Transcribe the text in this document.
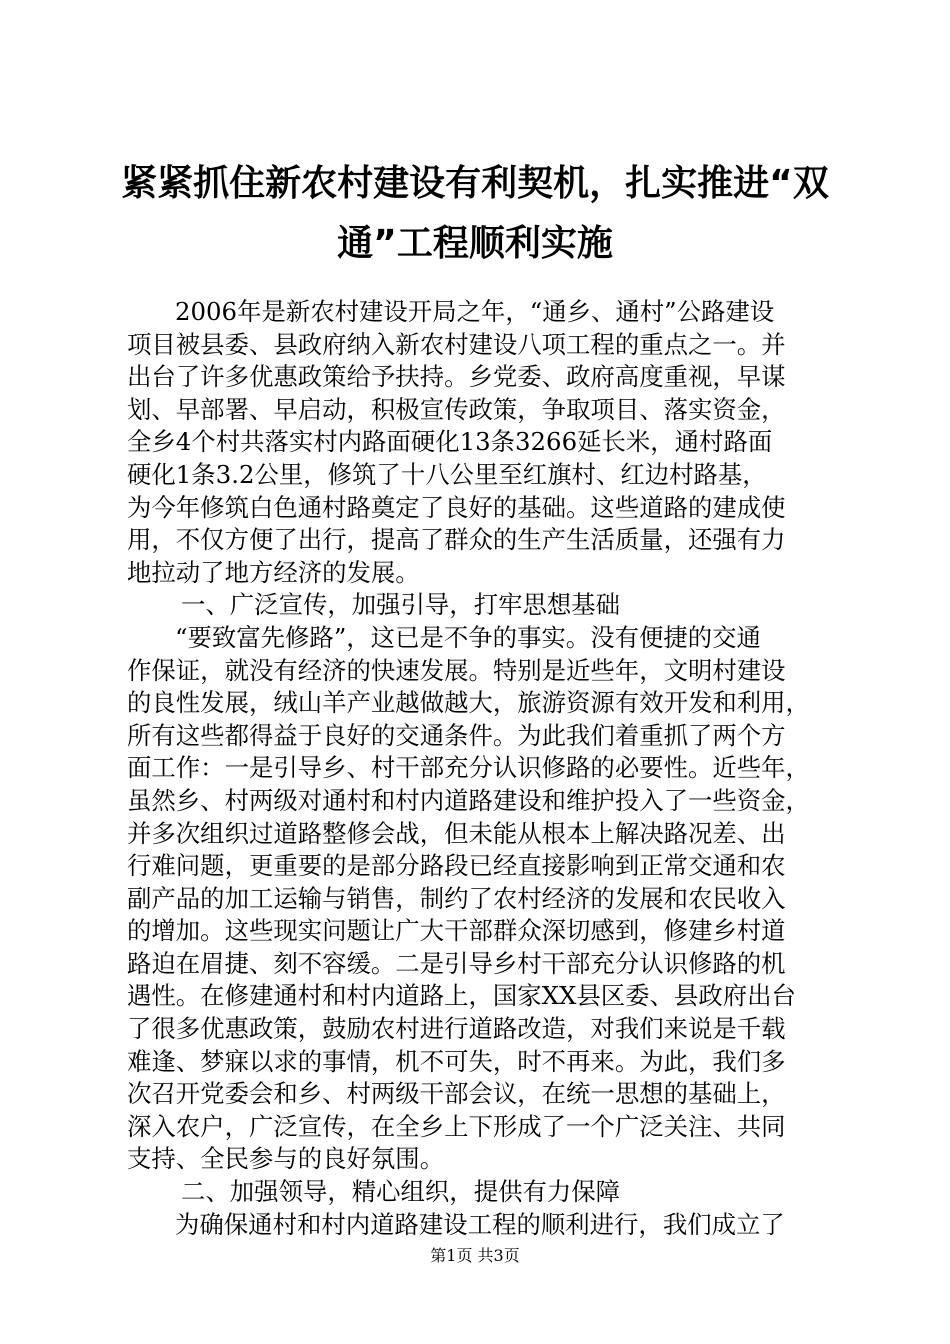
紧紧抓住新农村建设有利契机，扎实推进“双
通”工程顺利实施
2006年是新农村建设开局之年，“通乡、通村”公路建设
项目被县委、县政府纳入新农村建设八项工程的重点之一。并
出台了许多优惠政策给予扶持。乡党委、政府高度重视，早谋
划、早部署、早启动，积极宣传政策，争取项目、落实资金，
全乡4个村共落实村内路面硬化13条3266延长米，通村路面
硬化1条3.2公里，修筑了十八公里至红旗村、红边村路基，
为今年修筑白色通村路奠定了良好的基础。这些道路的建成使
用，不仅方便了出行，提高了群众的生产生活质量，还强有力
地拉动了地方经济的发展。
一、广泛宣传，加强引导，打牢思想基础
“要致富先修路”，这已是不争的事实。没有便捷的交通
作保证，就没有经济的快速发展。特别是近些年，文明村建设
的良性发展，绒山羊产业越做越大，旅游资源有效开发和利用，
所有这些都得益于良好的交通条件。为此我们着重抓了两个方
面工作：一是引导乡、村干部充分认识修路的必要性。近些年，
虽然乡、村两级对通村和村内道路建设和维护投入了一些资金，
并多次组织过道路整修会战，但未能从根本上解决路况差、出
行难问题，更重要的是部分路段已经直接影响到正常交通和农
副产品的加工运输与销售，制约了农村经济的发展和农民收入
的增加。这些现实问题让广大干部群众深切感到，修建乡村道
路迫在眉捷、刻不容缓。二是引导乡村干部充分认识修路的机
遇性。在修建通村和村内道路上，国家XX县区委、县政府出台
了很多优惠政策，鼓励农村进行道路改造，对我们来说是千载
难逢、梦寐以求的事情，机不可失，时不再来。为此，我们多
次召开党委会和乡、村两级干部会议，在统一思想的基础上，
深入农户，广泛宣传，在全乡上下形成了一个广泛关注、共同
支持、全民参与的良好氛围。
二、加强领导，精心组织，提供有力保障
为确保通村和村内道路建设工程的顺利进行，我们成立了
第1页 共3页
